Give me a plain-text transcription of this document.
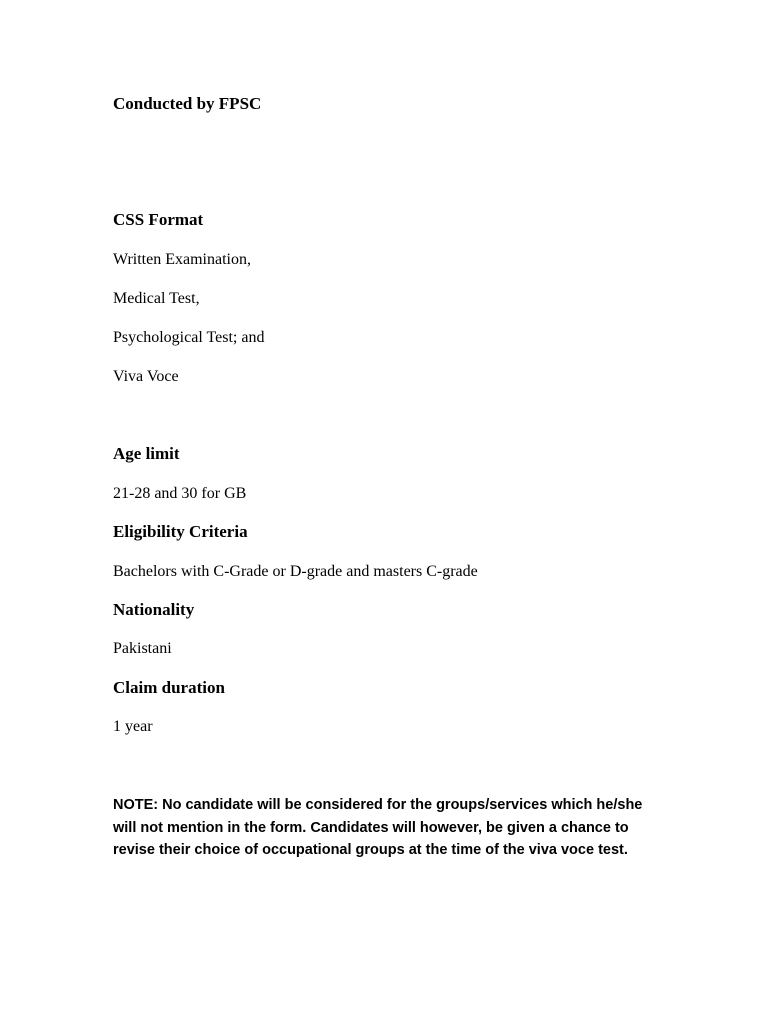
Conducted by FPSC
CSS Format
Written Examination,
Medical Test,
Psychological Test; and
Viva Voce
Age limit
21-28 and 30 for GB
Eligibility Criteria
Bachelors with C-Grade or D-grade and masters C-grade
Nationality
Pakistani
Claim duration
1 year
NOTE: No candidate will be considered for the groups/services which he/she
will not mention in the form. Candidates will however, be given a chance to
revise their choice of occupational groups at the time of the viva voce test.
